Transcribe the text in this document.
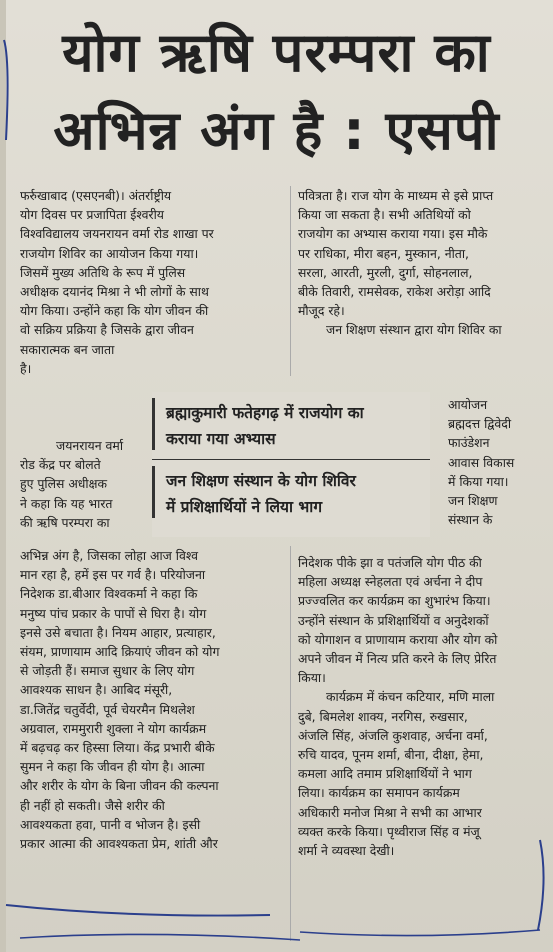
योग ऋषि परम्परा का
अभिन्न अंग है : एसपी

फर्रुखाबाद (एसएनबी)। अंतर्राष्ट्रीय

योग दिवस पर प्रजापिता ईश्वरीय

विश्वविद्यालय जयनरायन वर्मा रोड शाखा पर

राजयोग शिविर का आयोजन किया गया।

जिसमें मुख्य अतिथि के रूप में पुलिस

अधीक्षक दयानंद मिश्रा ने भी लोगों के साथ

योग किया। उन्होंने कहा कि योग जीवन की

वो सक्रिय प्रक्रिया है जिसके द्वारा जीवन

सकारात्मक बन जाता

है।

जयनरायन वर्मा

रोड केंद्र पर बोलते

हुए पुलिस अधीक्षक

ने कहा कि यह भारत

की ऋषि परम्परा का

अभिन्न अंग है, जिसका लोहा आज विश्व

मान रहा है, हमें इस पर गर्व है। परियोजना

निदेशक डा.बीआर विश्वकर्मा ने कहा कि

मनुष्य पांच प्रकार के पापों से घिरा है। योग

इनसे उसे बचाता है। नियम आहार, प्रत्याहार,

संयम, प्राणायाम आदि क्रियाएं जीवन को योग

से जोड़ती हैं। समाज सुधार के लिए योग

आवश्यक साधन है। आबिद मंसूरी,

डा.जितेंद्र चतुर्वेदी, पूर्व चेयरमैन मिथलेश

अग्रवाल, राममुरारी शुक्ला ने योग कार्यक्रम

में बढ़चढ़ कर हिस्सा लिया। केंद्र प्रभारी बीके

सुमन ने कहा कि जीवन ही योग है। आत्मा

और शरीर के योग के बिना जीवन की कल्पना

ही नहीं हो सकती। जैसे शरीर की

आवश्यकता हवा, पानी व भोजन है। इसी

प्रकार आत्मा की आवश्यकता प्रेम, शांती और

पवित्रता है। राज योग के माध्यम से इसे प्राप्त

किया जा सकता है। सभी अतिथियों को

राजयोग का अभ्यास कराया गया। इस मौके

पर राधिका, मीरा बहन, मुस्कान, नीता,

सरला, आरती, मुरली, दुर्गा, सोहनलाल,

बीके तिवारी, रामसेवक, राकेश अरोड़ा आदि

मौजूद रहे।

जन शिक्षण संस्थान द्वारा योग शिविर का

आयोजन

ब्रह्मदत्त द्विवेदी

फाउंडेशन

आवास विकास

में किया गया।

जन शिक्षण

संस्थान के

निदेशक पीके झा व पतंजलि योग पीठ की

महिला अध्यक्ष स्नेहलता एवं अर्चना ने दीप

प्रज्ज्वलित कर कार्यक्रम का शुभारंभ किया।

उन्होंने संस्थान के प्रशिक्षार्थियों व अनुदेशकों

को योगाशन व प्राणायाम कराया और योग को

अपने जीवन में नित्य प्रति करने के लिए प्रेरित

किया।

कार्यक्रम में कंचन कटियार, मणि माला

दुबे, बिमलेश शाक्य, नरगिस, रुखसार,

अंजलि सिंह, अंजलि कुशवाह, अर्चना वर्मा,

रुचि यादव, पूनम शर्मा, बीना, दीक्षा, हेमा,

कमला आदि तमाम प्रशिक्षार्थियों ने भाग

लिया। कार्यक्रम का समापन कार्यक्रम

अधिकारी मनोज मिश्रा ने सभी का आभार

व्यक्त करके किया। पृथ्वीराज सिंह व मंजू

शर्मा ने व्यवस्था देखी।

ब्रह्माकुमारी फतेहगढ़ में राजयोग का
कराया गया अभ्यास
जन शिक्षण संस्थान के योग शिविर
में प्रशिक्षार्थियों ने लिया भाग
